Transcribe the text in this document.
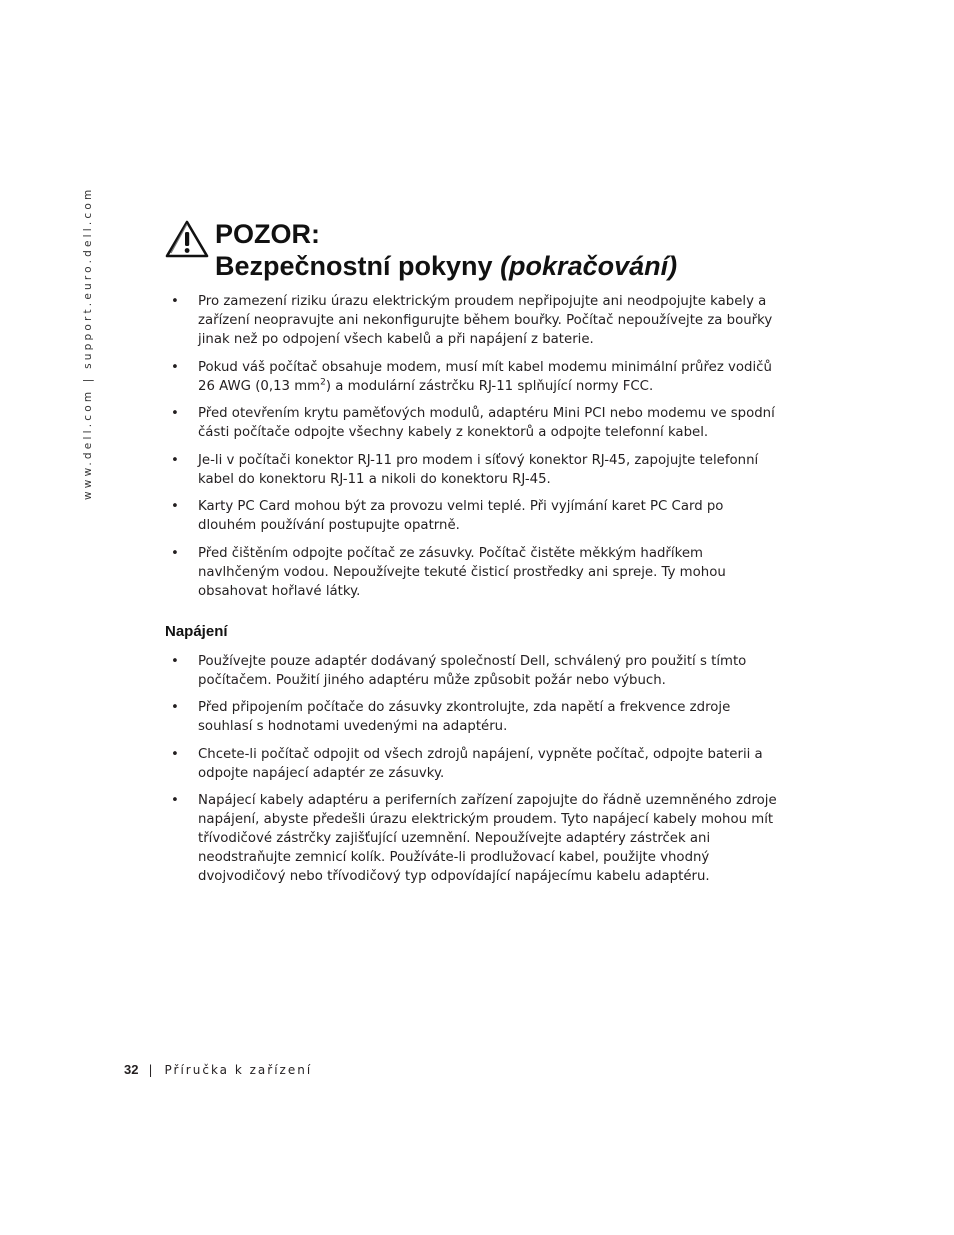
www.dell.com | support.euro.dell.com	POZOR:
Bezpečnostní pokyny (pokračování)
• Pro zamezení riziku úrazu elektrickým proudem nepřipojujte ani neodpojujte kabely a zařízení neopravujte ani nekonfigurujte během bouřky. Počítač nepoužívejte za bouřky jinak než po odpojení všech kabelů a při napájení z baterie.
• Pokud váš počítač obsahuje modem, musí mít kabel modemu minimální průřez vodičů 26 AWG (0,13 $mm^2$) a modulární zástrčku RJ-11 splňující normy FCC.
• Před otevřením krytu paměťových modulů, adaptéru Mini PCI nebo modemu ve spodní části počítače odpojte všechny kabely z konektorů a odpojte telefonní kabel.
• Je-li v počítači konektor RJ-11 pro modem i síťový konektor RJ-45, zapojujte telefonní kabel do konektoru RJ-11 a nikoli do konektoru RJ-45.
• Karty PC Card mohou být za provozu velmi teplé. Při vyjímání karet PC Card po dlouhém používání postupujte opatrně.
• Před čištěním odpojte počítač ze zásuvky. Počítač čistěte měkkým hadříkem navlhčeným vodou. Nepoužívejte tekuté čisticí prostředky ani spreje. Ty mohou obsahovat hořlavé látky.
Napájení
• Používejte pouze adaptér dodávaný společností Dell, schválený pro použití s tímto počítačem. Použití jiného adaptéru může způsobit požár nebo výbuch.
• Před připojením počítače do zásuvky zkontrolujte, zda napětí a frekvence zdroje souhlasí s hodnotami uvedenými na adaptéru.
• Chcete-li počítač odpojit od všech zdrojů napájení, vypněte počítač, odpojte baterii a odpojte napájecí adaptér ze zásuvky.
• Napájecí kabely adaptéru a periferních zařízení zapojujte do řádně uzemněného zdroje napájení, abyste předešli úrazu elektrickým proudem. Tyto napájecí kabely mohou mít třívodičové zástrčky zajišťující uzemnění. Nepoužívejte adaptéry zástrček ani neodstraňujte zemnicí kolík. Používáte-li prodlužovací kabel, použijte vhodný dvojvodičový nebo třívodičový typ odpovídající napájecímu kabelu adaptéru.
32 | Příručka k zařízení
